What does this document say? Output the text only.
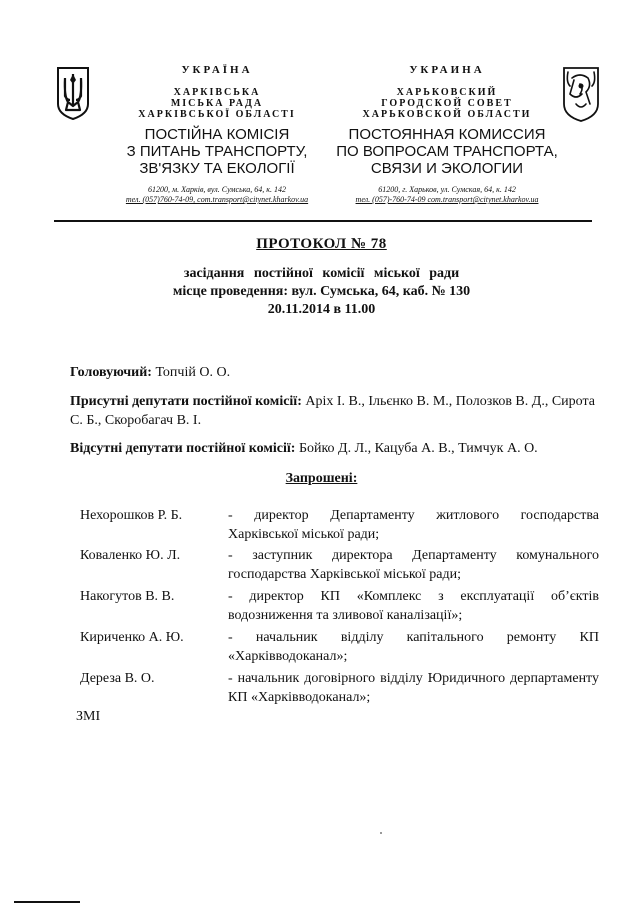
УКРАЇНА
ХАРКІВСЬКА
МІСЬКА РАДА
ХАРКІВСЬКОЇ ОБЛАСТІ
ПОСТІЙНА КОМІСІЯ
З ПИТАНЬ ТРАНСПОРТУ,
ЗВ'ЯЗКУ ТА ЕКОЛОГІЇ
61200, м. Харків, вул. Сумська, 64, к. 142
тел. (057)760-74-09, com.transport@citynet.kharkov.ua
УКРАИНА
ХАРЬКОВСКИЙ
ГОРОДСКОЙ СОВЕТ
ХАРЬКОВСКОЙ ОБЛАСТИ
ПОСТОЯННАЯ КОМИССИЯ
ПО ВОПРОСАМ ТРАНСПОРТА,
СВЯЗИ И ЭКОЛОГИИ
61200, г. Харьков, ул. Сумская, 64, к. 142
тел. (057)-760-74-09 com.transport@citynet.kharkov.ua
ПРОТОКОЛ № 78
засідання постійної комісії міської ради
місце проведення: вул. Сумська, 64, каб. № 130
20.11.2014 в 11.00
Головуючий: Топчій О. О.
Присутні депутати постійної комісії: Аріх І. В., Ільєнко В. М., Полозков В. Д., Сирота С. Б., Скоробагач В. І.
Відсутні депутати постійної комісії: Бойко Д. Л., Кацуба А. В., Тимчук А. О.
Запрошені:
Нехорошков Р. Б.	- директор Департаменту житлового господарства Харківської міської ради;
Коваленко Ю. Л.	- заступник директора Департаменту комунального господарства Харківської міської ради;
Накогутов В. В.	- директор КП «Комплекс з експлуатації об’єктів водозниження та зливової каналізації»;
Кириченко А. Ю.	- начальник відділу капітального ремонту КП «Харківводоканал»;
Дереза В. О.	- начальник договірного відділу Юридичного дерпартаменту КП «Харківводоканал»;
ЗМІ
